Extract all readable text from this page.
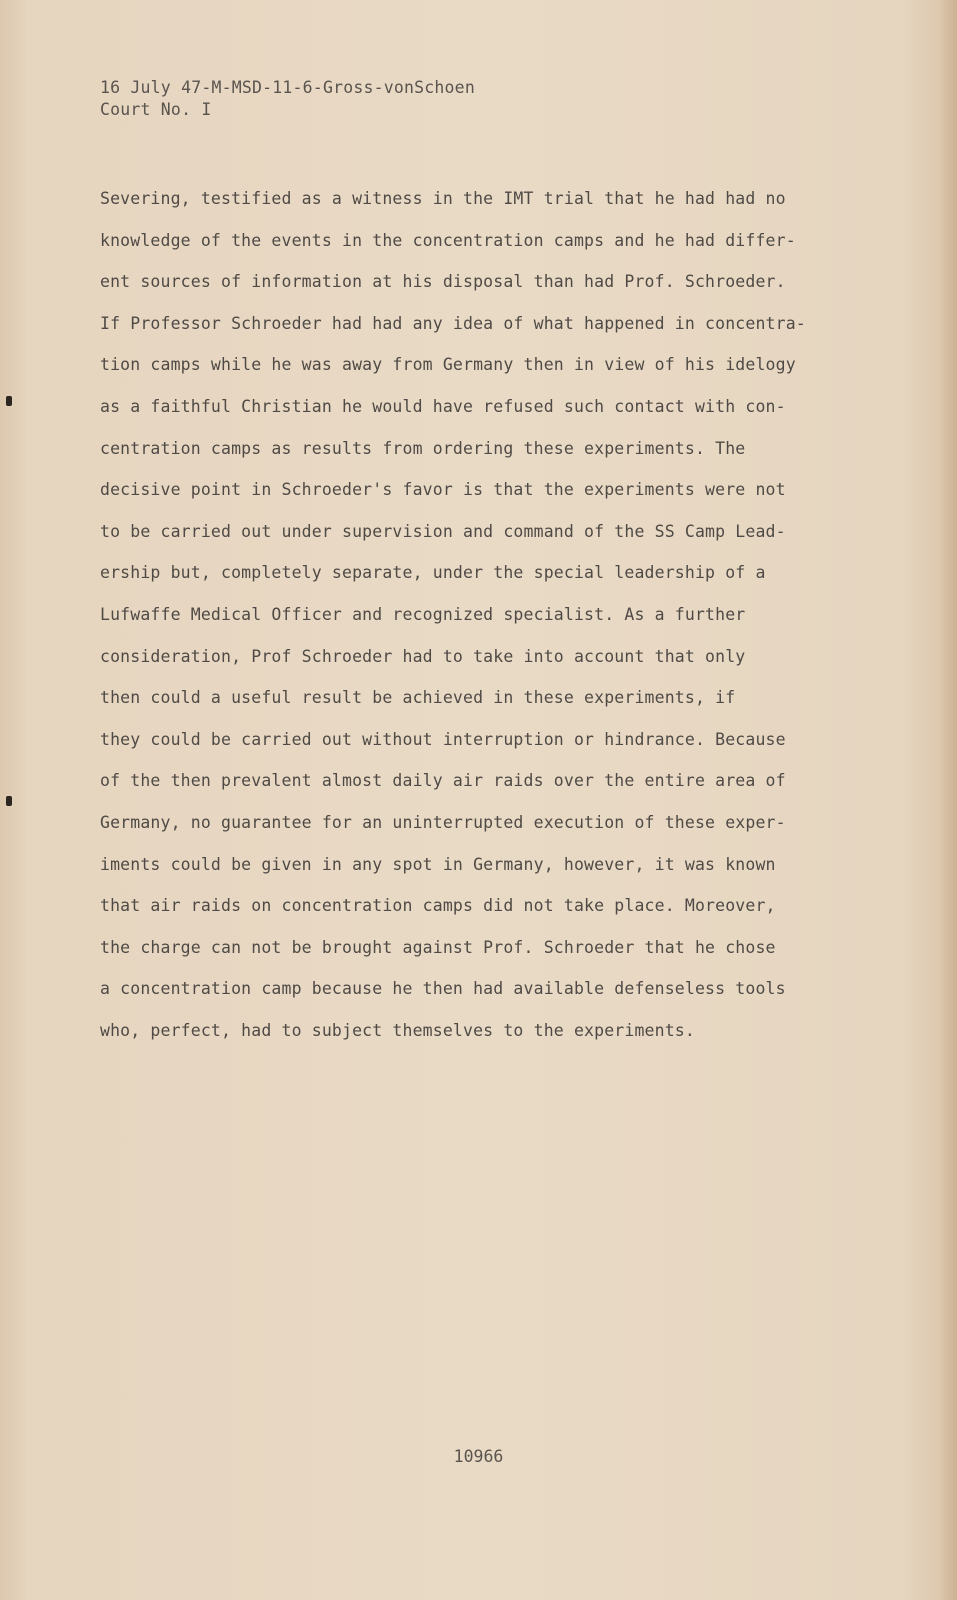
16 July 47-M-MSD-11-6-Gross-vonSchoen
Court No. I
Severing, testified as a witness in the IMT trial that he had had no
knowledge of the events in the concentration camps and he had differ-
ent sources of information at his disposal than had Prof. Schroeder.
If Professor Schroeder had had any idea of what happened in concentra-
tion camps while he was away from Germany then in view of his idelogy
as a faithful Christian he would have refused such contact with con-
centration camps as results from ordering these experiments. The
decisive point in Schroeder's favor is that the experiments were not
to be carried out under supervision and command of the SS Camp Lead-
ership but, completely separate, under the special leadership of a
Lufwaffe Medical Officer and recognized specialist. As a further
consideration, Prof Schroeder had to take into account that only
then could a useful result be achieved in these experiments, if
they could be carried out without interruption or hindrance. Because
of the then prevalent almost daily air raids over the entire area of
Germany, no guarantee for an uninterrupted execution of these exper-
iments could be given in any spot in Germany, however, it was known
that air raids on concentration camps did not take place. Moreover,
the charge can not be brought against Prof. Schroeder that he chose
a concentration camp because he then had available defenseless tools
who, perfect, had to subject themselves to the experiments.
10966
